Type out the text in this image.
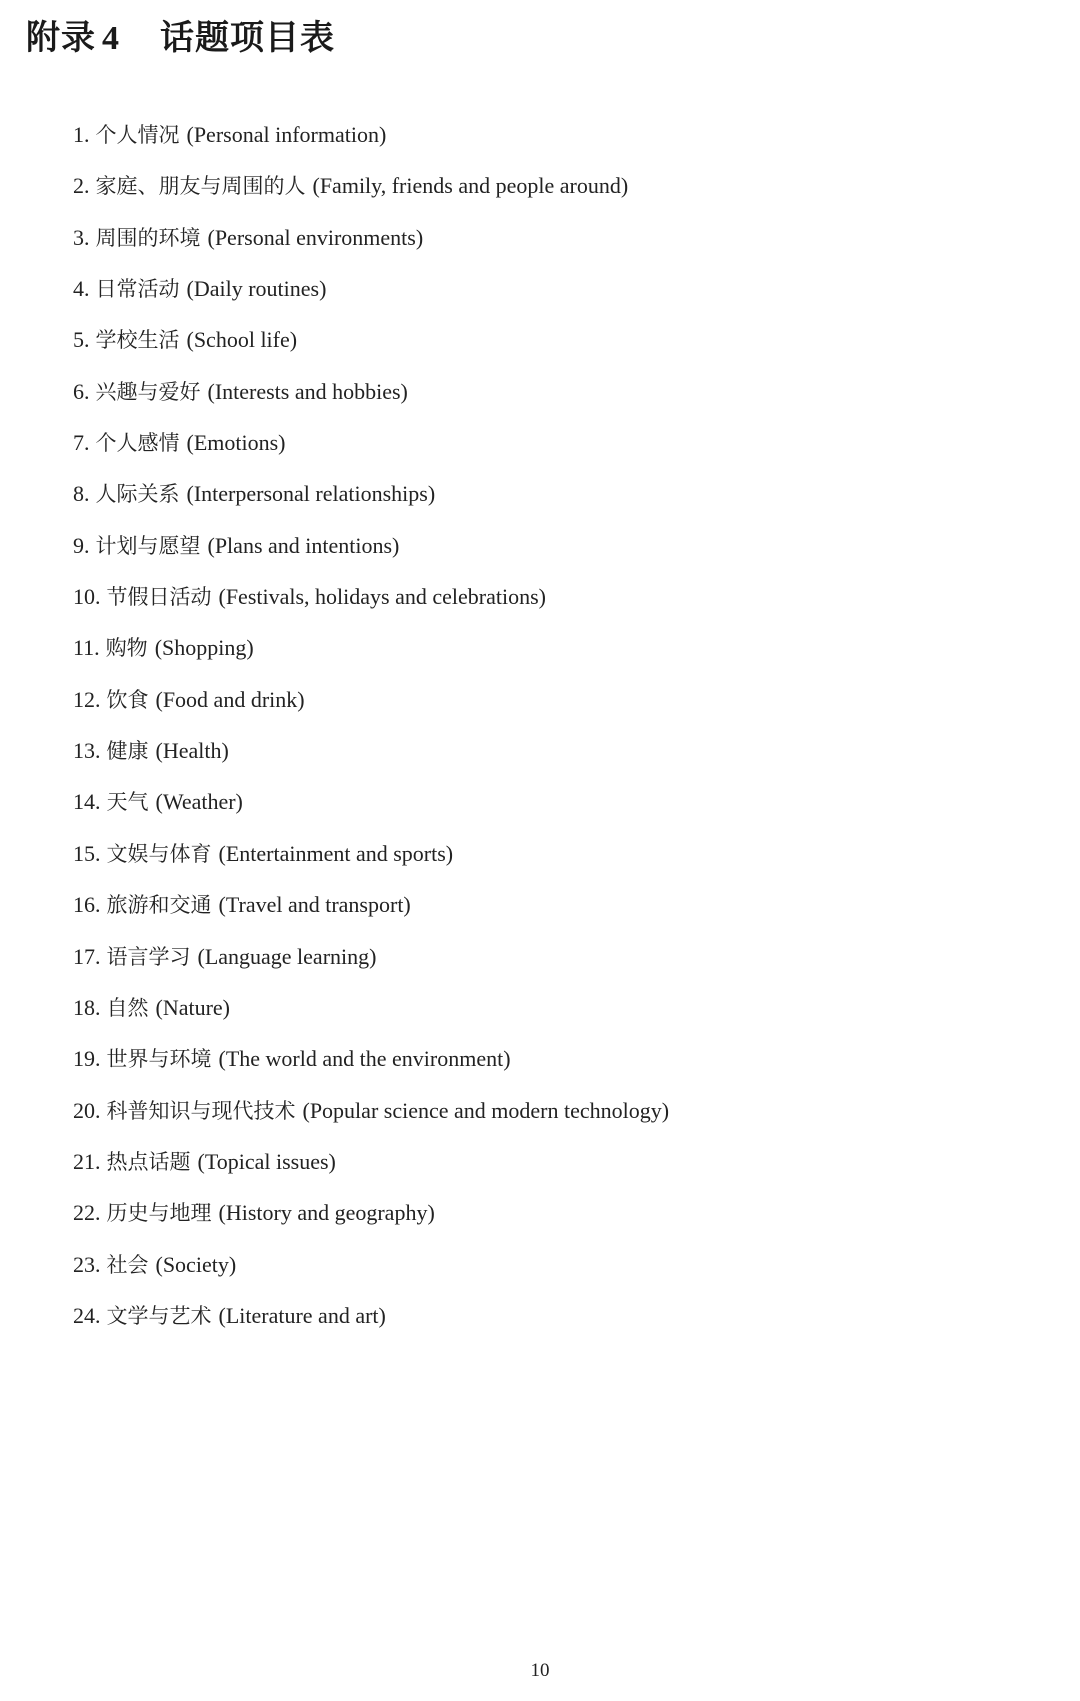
附录 4 话题项目表
1. 个人情况 (Personal information)
2. 家庭、朋友与周围的人 (Family, friends and people around)
3. 周围的环境 (Personal environments)
4. 日常活动 (Daily routines)
5. 学校生活 (School life)
6. 兴趣与爱好 (Interests and hobbies)
7. 个人感情 (Emotions)
8. 人际关系 (Interpersonal relationships)
9. 计划与愿望 (Plans and intentions)
10. 节假日活动 (Festivals, holidays and celebrations)
11. 购物 (Shopping)
12. 饮食 (Food and drink)
13. 健康 (Health)
14. 天气 (Weather)
15. 文娱与体育 (Entertainment and sports)
16. 旅游和交通 (Travel and transport)
17. 语言学习 (Language learning)
18. 自然 (Nature)
19. 世界与环境 (The world and the environment)
20. 科普知识与现代技术 (Popular science and modern technology)
21. 热点话题 (Topical issues)
22. 历史与地理 (History and geography)
23. 社会 (Society)
24. 文学与艺术 (Literature and art)
10
